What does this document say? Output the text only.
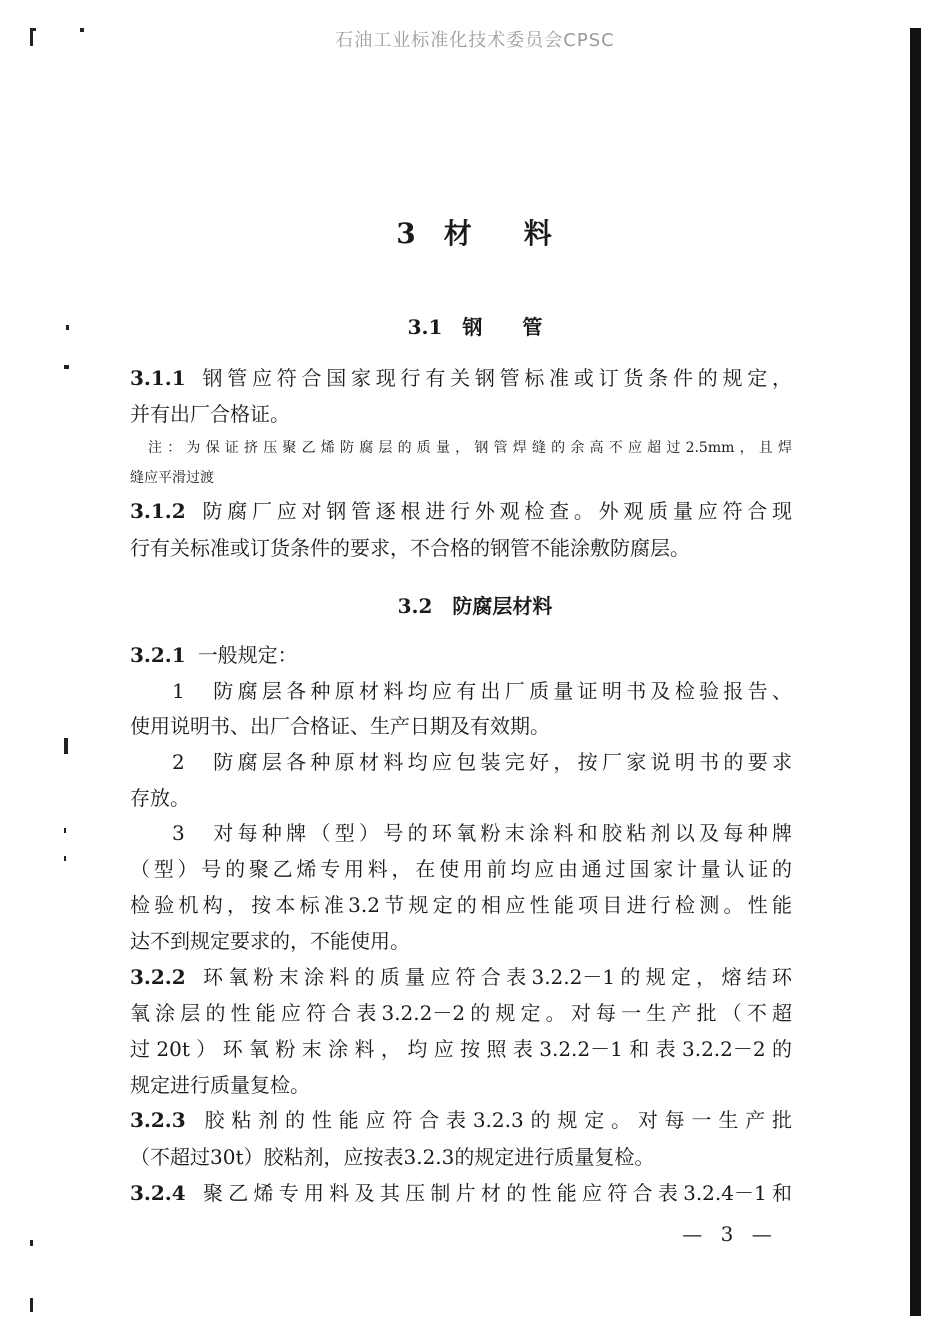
石油工业标准化技术委员会CPSC
3 材 料
3.1 钢 管
3.1.1 钢管应符合国家现行有关钢管标准或订货条件的规定，
并有出厂合格证。
注：为保证挤压聚乙烯防腐层的质量，钢管焊缝的余高不应超过2.5mm，且焊
缝应平滑过渡
3.1.2 防腐厂应对钢管逐根进行外观检查。外观质量应符合现
行有关标准或订货条件的要求，不合格的钢管不能涂敷防腐层。
3.2 防腐层材料
3.2.1 一般规定：
1　防腐层各种原材料均应有出厂质量证明书及检验报告、
使用说明书、出厂合格证、生产日期及有效期。
2　防腐层各种原材料均应包装完好，按厂家说明书的要求
存放。
3　对每种牌（型）号的环氧粉末涂料和胶粘剂以及每种牌
（型）号的聚乙烯专用料，在使用前均应由通过国家计量认证的
检验机构，按本标准3.2节规定的相应性能项目进行检测。性能
达不到规定要求的，不能使用。
3.2.2 环氧粉末涂料的质量应符合表3.2.2－1的规定，熔结环
氧涂层的性能应符合表3.2.2－2的规定。对每一生产批（不超
过20t）环氧粉末涂料，均应按照表3.2.2－1和表3.2.2－2的
规定进行质量复检。
3.2.3 胶粘剂的性能应符合表3.2.3的规定。对每一生产批
（不超过30t）胶粘剂，应按表3.2.3的规定进行质量复检。
3.2.4 聚乙烯专用料及其压制片材的性能应符合表3.2.4－1和
— 3 —
